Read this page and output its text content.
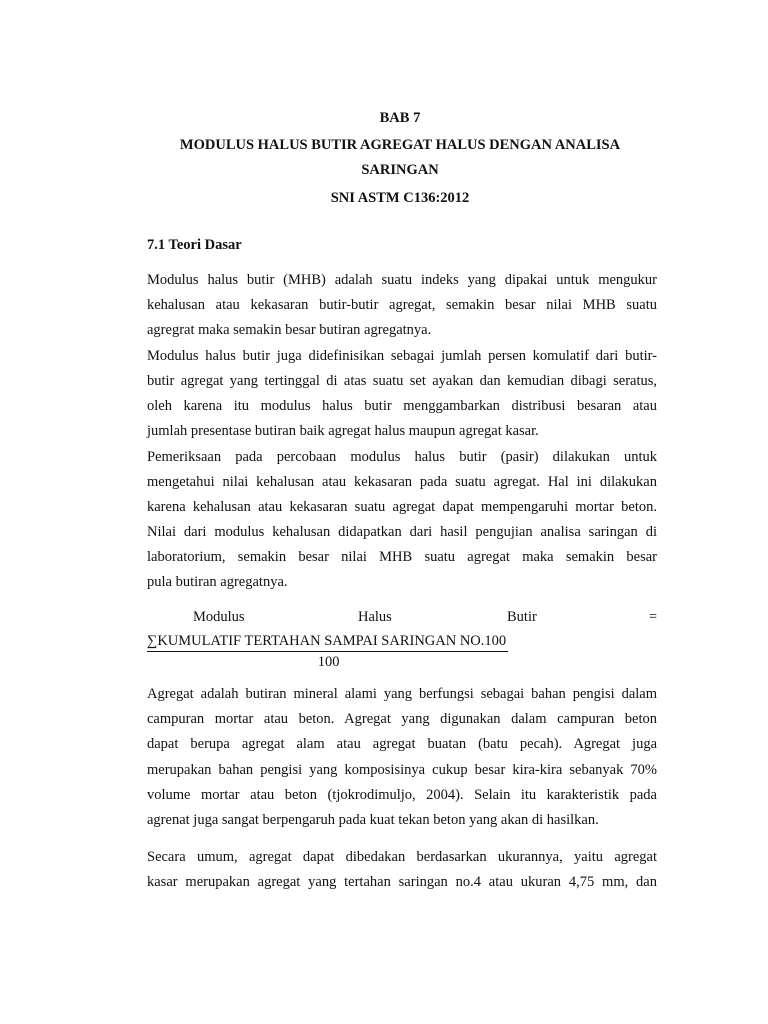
BAB 7
MODULUS HALUS BUTIR AGREGAT HALUS DENGAN ANALISA
SARINGAN
SNI ASTM C136:2012
7.1 Teori Dasar
Modulus halus butir (MHB) adalah suatu indeks yang dipakai untuk mengukur
kehalusan atau kekasaran butir-butir agregat, semakin besar nilai MHB suatu
agregrat maka semakin besar butiran agregatnya.
Modulus halus butir juga didefinisikan sebagai jumlah persen komulatif dari butir-
butir agregat yang tertinggal di atas suatu set ayakan dan kemudian dibagi seratus,
oleh karena itu modulus halus butir menggambarkan distribusi besaran atau
jumlah presentase butiran baik agregat halus maupun agregat kasar.
Pemeriksaan pada percobaan modulus halus butir (pasir) dilakukan untuk
mengetahui nilai kehalusan atau kekasaran pada suatu agregat. Hal ini dilakukan
karena kehalusan atau kekasaran suatu agregat dapat mempengaruhi mortar beton.
Nilai dari modulus kehalusan didapatkan dari hasil pengujian analisa saringan di
laboratorium, semakin besar nilai MHB suatu agregat maka semakin besar
pula butiran agregatnya.
Modulus	Halus	Butir	=
∑KUMULATIF TERTAHAN SAMPAI SARINGAN NO.100
100
Agregat adalah butiran mineral alami yang berfungsi sebagai bahan pengisi dalam
campuran mortar atau beton. Agregat yang digunakan dalam campuran beton
dapat berupa agregat alam atau agregat buatan (batu pecah). Agregat juga
merupakan bahan pengisi yang komposisinya cukup besar kira-kira sebanyak 70%
volume mortar atau beton (tjokrodimuljo, 2004). Selain itu karakteristik pada
agrenat juga sangat berpengaruh pada kuat tekan beton yang akan di hasilkan.
Secara umum, agregat dapat dibedakan berdasarkan ukurannya, yaitu agregat
kasar merupakan agregat yang tertahan saringan no.4 atau ukuran 4,75 mm, dan
